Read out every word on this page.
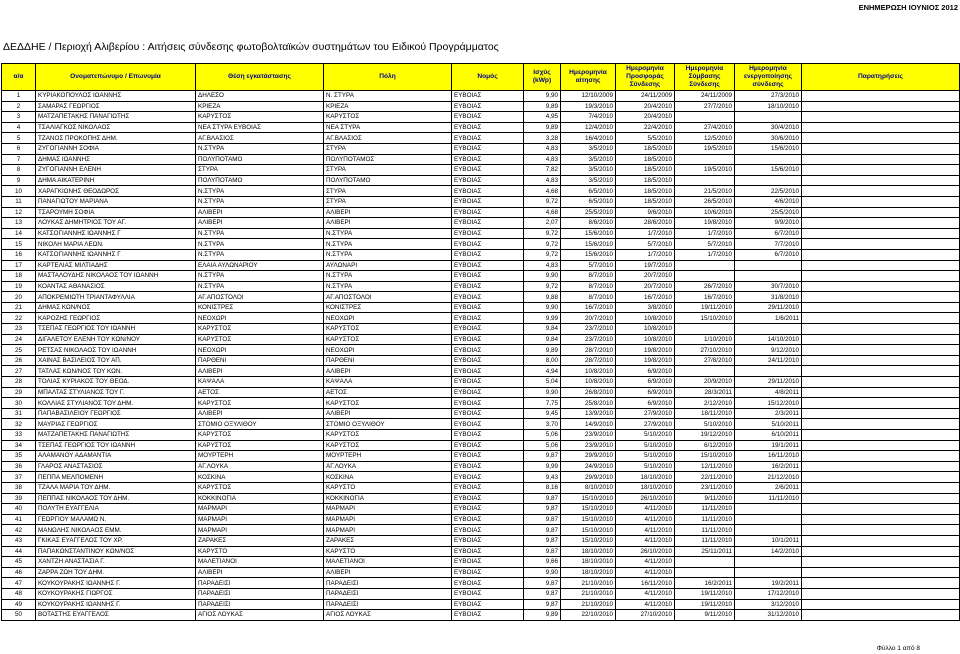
ΕΝΗΜΕΡΩΣΗ ΙΟΥΝΙΟΣ 2012
ΔΕΔΔΗΕ / Περιοχή Αλιβερίου : Αιτήσεις σύνδεσης φωτοβολταϊκών συστημάτων του Ειδικού Προγράμματος
α/α	Ονοματεπώνυμο / Επωνυμία	Θέση εγκατάστασης	Πόλη	Νομός	Ισχύς (kWp)	Ημερομηνία αίτησης	Ημερομηνία Προσφοράς Σύνδεσης	Ημερομηνία Σύμβασης Σύνδεσης	Ημερομηνία ενεργοποίησης σύνδεσης	Παρατηρήσεις
1	ΚΥΡΙΑΚΟΠΟΥΛΟΣ ΙΩΑΝΝΗΣ	ΔΗΛΕΣΟ	Ν. ΣΤΥΡΑ	ΕΥΒΟΙΑΣ	9,90	12/10/2009	24/11/2009	24/11/2009	27/3/2010	
2	ΣΑΜΑΡΑΣ ΓΕΩΡΓΙΟΣ	ΚΡΙΕΖΑ	ΚΡΙΕΖΑ	ΕΥΒΟΙΑΣ	9,89	19/3/2010	20/4/2010	27/7/2010	18/10/2010	
3	ΜΑΤΖΑΠΕΤΑΚΗΣ ΠΑΝΑΓΙΩΤΗΣ	ΚΑΡΥΣΤΟΣ	ΚΑΡΥΣΤΟΣ	ΕΥΒΟΙΑΣ	4,95	7/4/2010	20/4/2010			
4	ΤΣΑΛΙΑΓΚΟΣ ΝΙΚΟΛΑΟΣ	ΝΕΑ ΣΤΥΡΑ ΕΥΒΟΙΑΣ	ΝΕΑ ΣΤΥΡΑ	ΕΥΒΟΙΑΣ	9,89	12/4/2010	22/4/2010	27/4/2010	30/4/2010	
5	ΤΖΑΝΟΣ ΠΡΟΚΟΠΗΣ ΔΗΜ.	ΑΓ.ΒΛΑΣΙΟΣ	ΑΓ.ΒΛΑΣΙΟΣ	ΕΥΒΟΙΑΣ	3,28	16/4/2010	5/5/2010	12/5/2010	30/6/2010	
6	ΖΥΓΟΓΙΑΝΝΗ ΣΟΦΙΑ	Ν.ΣΤΥΡΑ	ΣΤΥΡΑ	ΕΥΒΟΙΑΣ	4,83	3/5/2010	18/5/2010	19/5/2010	15/6/2010	
7	ΔΗΜΑΣ ΙΩΑΝΝΗΣ	ΠΟΛΥΠΟΤΑΜΟ	ΠΟΛΥΠΟΤΑΜΟΣ	ΕΥΒΟΙΑΣ	4,83	3/5/2010	18/5/2010			
8	ΖΥΓΟΓΙΑΝΝΗ ΕΛΕΝΗ	ΣΤΥΡΑ	ΣΤΥΡΑ	ΕΥΒΟΙΑΣ	7,82	3/5/2010	18/5/2010	19/5/2010	15/6/2010	
9	ΔΗΜΑ ΑΙΚΑΤΕΡΙΝΗ	ΠΟΛΥΠΟΤΑΜΟ	ΠΟΛΥΠΟΤΑΜΟ	ΕΥΒΟΙΑΣ	4,83	3/5/2010	18/5/2010			
10	ΧΑΡΑΓΚΙΩΝΗΣ ΘΕΟΔΩΡΟΣ	Ν.ΣΤΥΡΑ	ΣΤΥΡΑ	ΕΥΒΟΙΑΣ	4,68	6/5/2010	18/5/2010	21/5/2010	22/5/2010	
11	ΠΑΝΑΓΙΩΤΟΥ ΜΑΡΙΑΝΑ	Ν.ΣΤΥΡΑ	ΣΤΥΡΑ	ΕΥΒΟΙΑΣ	9,72	6/5/2010	18/5/2010	26/5/2010	4/6/2010	
12	ΤΣΑΡΟΥΜΗ ΣΟΦΙΑ	ΑΛΙΒΕΡΙ	ΑΛΙΒΕΡΙ	ΕΥΒΟΙΑΣ	4,68	25/5/2010	9/6/2010	10/6/2010	25/5/2010	
13	ΛΟΥΚΑΣ ΔΗΜΗΤΡΙΟΣ ΤΟΥ ΑΓ.	ΑΛΙΒΕΡΙ	ΑΛΙΒΕΡΙ	ΕΥΒΟΙΑΣ	2,07	8/6/2010	28/6/2010	19/8/2010	9/9/2010	
14	ΚΑΤΣΟΓΙΑΝΝΗΣ ΙΩΑΝΝΗΣ Γ	Ν.ΣΤΥΡΑ	Ν.ΣΤΥΡΑ	ΕΥΒΟΙΑΣ	9,72	15/6/2010	1/7/2010	1/7/2010	6/7/2010	
15	ΝΙΚΟΛΗ ΜΑΡΙΑ ΛΕΩΝ.	Ν.ΣΤΥΡΑ	Ν.ΣΤΥΡΑ	ΕΥΒΟΙΑΣ	9,72	15/6/2010	5/7/2010	5/7/2010	7/7/2010	
16	ΚΑΤΣΟΓΙΑΝΝΗΣ ΙΩΑΝΝΗΣ Γ	Ν.ΣΤΥΡΑ	Ν.ΣΤΥΡΑ	ΕΥΒΟΙΑΣ	9,72	15/6/2010	1/7/2010	1/7/2010	6/7/2010	
17	ΚΑΡΤΕΛΙΑΣ ΜΙΛΤΙΑΔΗΣ	ΕΛΑΙΑ ΑΥΛΩΝΑΡΙΟΥ	ΑΥΛΩΝΑΡΙ	ΕΥΒΟΙΑΣ	4,83	5/7/2010	19/7/2010			
18	ΜΑΣΤΑΛΟΥΔΗΣ ΝΙΚΟΛΑΟΣ ΤΟΥ ΙΩΑΝΝΗ	Ν.ΣΤΥΡΑ	Ν.ΣΤΥΡΑ	ΕΥΒΟΙΑΣ	9,90	8/7/2010	20/7/2010			
19	ΚΟΑΝΤΑΣ ΑΘΑΝΑΣΙΟΣ	Ν.ΣΤΥΡΑ	Ν.ΣΤΥΡΑ	ΕΥΒΟΙΑΣ	9,72	8/7/2010	20/7/2010	26/7/2010	30/7/2010	
20	ΑΠΟΚΡΕΜΙΩΤΗ ΤΡΙΑΝΤΑΦΥΛΛΙΑ	ΑΓ.ΑΠΟΣΤΟΛΟΙ	ΑΓ.ΑΠΟΣΤΟΛΟΙ	ΕΥΒΟΙΑΣ	9,88	8/7/2010	16/7/2010	16/7/2010	31/8/2010	
21	ΔΗΜΑΣ ΚΩΝ/ΝΟΣ	ΚΟΝΙΣΤΡΕΣ	ΚΟΝΙΣΤΡΕΣ	ΕΥΒΟΙΑΣ	9,90	16/7/2010	3/8/2010	19/11/2010	29/11/2010	
22	ΚΑΡΟΖΗΣ ΓΕΩΡΓΙΟΣ	ΝΕΟΧΩΡΙ	ΝΕΟΧΩΡΙ	ΕΥΒΟΙΑΣ	9,99	20/7/2010	10/8/2010	15/10/2010	1/6/2011	
23	ΤΣΕΠΑΣ ΓΕΩΡΓΙΟΣ ΤΟΥ ΙΩΑΝΝΗ	ΚΑΡΥΣΤΟΣ	ΚΑΡΥΣΤΟΣ	ΕΥΒΟΙΑΣ	9,84	23/7/2010	10/8/2010			
24	ΔΙΓΑΛΕΤΟΥ ΕΛΕΝΗ ΤΟΥ ΚΩΝ/ΝΟΥ	ΚΑΡΥΣΤΟΣ	ΚΑΡΥΣΤΟΣ	ΕΥΒΟΙΑΣ	9,84	23/7/2010	10/8/2010	1/10/2010	14/10/2010	
25	ΡΕΤΣΑΣ ΝΙΚΟΛΑΟΣ ΤΟΥ ΙΩΑΝΝΗ	ΝΕΟΧΩΡΙ	ΝΕΟΧΩΡΙ	ΕΥΒΟΙΑΣ	9,89	28/7/2010	19/8/2010	27/10/2010	9/12/2010	
26	ΧΑΙΝΑΣ ΒΑΣΙΛΕΙΟΣ ΤΟΥ ΑΠ.	ΠΑΡΘΕΝΙ	ΠΑΡΘΕΝΙ	ΕΥΒΟΙΑΣ	8,00	28/7/2010	19/8/2010	27/8/2010	24/11/2010	
27	ΤΑΤΛΑΣ ΚΩΝ/ΝΟΣ ΤΟΥ ΚΩΝ.	ΑΛΙΒΕΡΙ	ΑΛΙΒΕΡΙ	ΕΥΒΟΙΑΣ	4,94	10/8/2010	6/9/2010			
28	ΤΟΛΙΑΣ ΚΥΡΙΑΚΟΣ ΤΟΥ ΘΕΟΔ.	ΚΑΨΑΛΑ	ΚΑΨΑΛΑ	ΕΥΒΟΙΑΣ	5,04	10/8/2010	6/9/2010	20/9/2010	29/11/2010	
29	ΜΠΑΛΤΑΣ ΣΤΥΛΙΑΝΟΣ ΤΟΥ Γ.	ΑΕΤΟΣ	ΑΕΤΟΣ	ΕΥΒΟΙΑΣ	9,90	26/8/2010	6/9/2010	28/3/2011	4/8/2011	
30	ΚΟΛΛΙΑΣ ΣΤΥΛΙΑΝΟΣ ΤΟΥ ΔΗΜ.	ΚΑΡΥΣΤΟΣ	ΚΑΡΥΣΤΟΣ	ΕΥΒΟΙΑΣ	7,75	25/8/2010	6/9/2010	2/12/2010	15/12/2010	
31	ΠΑΠΑΒΑΣΙΛΕΙΟΥ ΓΕΩΡΓΙΟΣ	ΑΛΙΒΕΡΙ	ΑΛΙΒΕΡΙ	ΕΥΒΟΙΑΣ	9,45	13/9/2010	27/9/2010	18/11/2010	2/3/2011	
32	ΜΑΥΡΙΑΣ ΓΕΩΡΓΙΟΣ	ΣΤΟΜΙΟ ΟΞΥΛΙΘΟΥ	ΣΤΟΜΙΟ ΟΞΥΛΙΘΟΥ	ΕΥΒΟΙΑΣ	3,70	14/9/2010	27/9/2010	5/10/2010	5/10/2011	
33	ΜΑΤΖΑΠΕΤΑΚΗΣ ΠΑΝΑΓΙΩΤΗΣ	ΚΑΡΥΣΤΟΣ	ΚΑΡΥΣΤΟΣ	ΕΥΒΟΙΑΣ	5,06	23/9/2010	5/10/2010	19/12/2010	6/10/2011	
34	ΤΣΕΠΑΣ ΓΕΩΡΓΙΟΣ ΤΟΥ ΙΩΑΝΝΗ	ΚΑΡΥΣΤΟΣ	ΚΑΡΥΣΤΟΣ	ΕΥΒΟΙΑΣ	5,06	23/9/2010	5/10/2010	6/12/2010	19/1/2011	
35	ΑΛΑΜΑΝΟΥ ΑΔΑΜΑΝΤΙΑ	ΜΟΥΡΤΕΡΗ	ΜΟΥΡΤΕΡΗ	ΕΥΒΟΙΑΣ	9,87	29/9/2010	5/10/2010	15/10/2010	16/11/2010	
36	ΓΛΑΡΟΣ ΑΝΑΣΤΑΣΙΟΣ	ΑΓ.ΛΟΥΚΑ	ΑΓ.ΛΟΥΚΑ	ΕΥΒΟΙΑΣ	9,99	24/9/2010	5/10/2010	12/11/2010	16/2/2011	
37	ΠΕΠΠΑ ΜΕΛΠΟΜΕΝΗ	ΚΟΣΚΙΝΑ	ΚΟΣΚΙΝΑ	ΕΥΒΟΙΑΣ	9,43	29/9/2010	18/10/2010	22/11/2010	21/12/2010	
38	ΤΖΑΛΑ ΜΑΡΙΑ ΤΟΥ ΔΗΜ.	ΚΑΡΥΣΤΟΣ	ΚΑΡΥΣΤΟ	ΕΥΒΟΙΑΣ	8,16	8/10/2010	18/10/2010	23/11/2010	2/6/2011	
39	ΠΕΠΠΑΣ ΝΙΚΟΛΑΟΣ ΤΟΥ ΔΗΜ.	ΚΟΚΚΙΝΟΓΙΑ	ΚΟΚΚΙΝΟΓΙΑ	ΕΥΒΟΙΑΣ	9,87	15/10/2010	26/10/2010	9/11/2010	11/11/2010	
40	ΠΟΛΥΤΗ ΕΥΑΓΓΕΛΙΑ	ΜΑΡΜΑΡΙ	ΜΑΡΜΑΡΙ	ΕΥΒΟΙΑΣ	9,87	15/10/2010	4/11/2010	11/11/2010		
41	ΓΕΩΡΓΙΟΥ ΜΑΛΑΜΩ Ν.	ΜΑΡΜΑΡΙ	ΜΑΡΜΑΡΙ	ΕΥΒΟΙΑΣ	9,87	15/10/2010	4/11/2010	11/11/2010		
42	ΜΑΝΩΛΗΣ ΝΙΚΟΛΑΟΣ ΕΜΜ.	ΜΑΡΜΑΡΙ	ΜΑΡΜΑΡΙ	ΕΥΒΟΙΑΣ	9,87	15/10/2010	4/11/2010	11/11/2010		
43	ΓΚΙΚΑΣ ΕΥΑΓΓΕΛΟΣ ΤΟΥ ΧΡ.	ΖΑΡΑΚΕΣ	ΖΑΡΑΚΕΣ	ΕΥΒΟΙΑΣ	9,87	15/10/2010	4/11/2010	11/11/2010	10/1/2011	
44	ΠΑΠΑΚΩΝΣΤΑΝΤΙΝΟΥ ΚΩΝ/ΝΟΣ	ΚΑΡΥΣΤΟ	ΚΑΡΥΣΤΟ	ΕΥΒΟΙΑΣ	9,87	18/10/2010	26/10/2010	25/11/2011	14/2/2010	
45	ΧΑΝΤΖΗ ΑΝΑΣΤΑΣΙΑ Γ.	ΜΑΛΕΤΙΑΝΟΙ	ΜΑΛΕΤΙΑΝΟΙ	ΕΥΒΟΙΑΣ	9,66	18/10/2010	4/11/2010			
46	ΖΑΡΡΑ ΖΩΗ ΤΟΥ ΔΗΜ.	ΑΛΙΒΕΡΙ	ΑΛΙΒΕΡΙ	ΕΥΒΟΙΑΣ	9,90	18/10/2010	4/11/2010			
47	ΚΟΥΚΟΥΡΑΚΗΣ ΙΩΑΝΝΗΣ Γ.	ΠΑΡΑΔΕΙΣΙ	ΠΑΡΑΔΕΙΣΙ	ΕΥΒΟΙΑΣ	9,87	21/10/2010	16/11/2010	16/2/2011	19/2/2011	
48	ΚΟΥΚΟΥΡΑΚΗΣ ΓΙΩΡΓΟΣ	ΠΑΡΑΔΕΙΣΙ	ΠΑΡΑΔΕΙΣΙ	ΕΥΒΟΙΑΣ	9,87	21/10/2010	4/11/2010	19/11/2010	17/12/2010	
49	ΚΟΥΚΟΥΡΑΚΗΣ ΙΩΑΝΝΗΣ Γ.	ΠΑΡΑΔΕΙΣΙ	ΠΑΡΑΔΕΙΣΙ	ΕΥΒΟΙΑΣ	9,87	21/10/2010	4/11/2010	19/11/2010	3/12/2010	
50	ΒΟΤΑΣΤΗΣ ΕΥΑΓΓΕΛΟΣ	ΑΓΙΟΣ ΛΟΥΚΑΣ	ΑΓΙΟΣ ΛΟΥΚΑΣ	ΕΥΒΟΙΑΣ	9,89	22/10/2010	27/10/2010	9/11/2010	31/12/2010	
Φύλλο 1 από 8
